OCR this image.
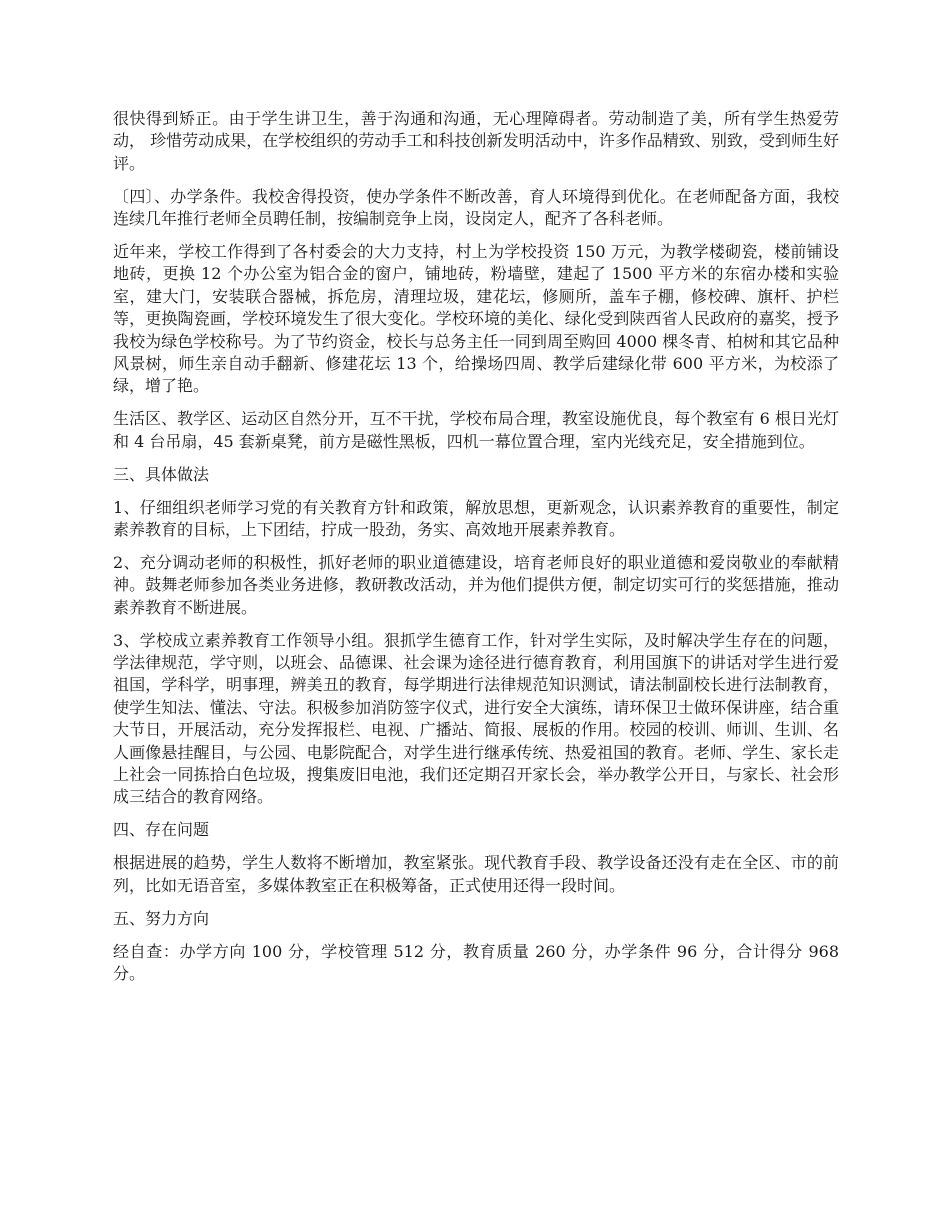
很快得到矫正。由于学生讲卫生，善于沟通和沟通，无心理障碍者。劳动制造了美，所有学生热爱劳动， 珍惜劳动成果，在学校组织的劳动手工和科技创新发明活动中，许多作品精致、别致，受到师生好评。

〔四〕、办学条件。我校舍得投资，使办学条件不断改善，育人环境得到优化。在老师配备方面，我校连续几年推行老师全员聘任制，按编制竞争上岗，设岗定人，配齐了各科老师。

近年来，学校工作得到了各村委会的大力支持，村上为学校投资 150 万元，为教学楼砌瓷，楼前铺设地砖，更换 12 个办公室为铝合金的窗户，铺地砖，粉墙壁，建起了 1500 平方米的东宿办楼和实验室，建大门，安装联合器械，拆危房，清理垃圾，建花坛，修厕所，盖车子棚，修校碑、旗杆、护栏等，更换陶瓷画，学校环境发生了很大变化。学校环境的美化、绿化受到陕西省人民政府的嘉奖，授予我校为绿色学校称号。为了节约资金，校长与总务主任一同到周至购回 4000 棵冬青、柏树和其它品种风景树，师生亲自动手翻新、修建花坛 13 个，给操场四周、教学后建绿化带 600 平方米，为校添了绿，增了艳。

生活区、教学区、运动区自然分开，互不干扰，学校布局合理，教室设施优良，每个教室有 6 根日光灯和 4 台吊扇，45 套新桌凳，前方是磁性黑板，四机一幕位置合理，室内光线充足，安全措施到位。

三、具体做法

1、仔细组织老师学习党的有关教育方针和政策，解放思想，更新观念，认识素养教育的重要性，制定素养教育的目标，上下团结，拧成一股劲，务实、高效地开展素养教育。

2、充分调动老师的积极性，抓好老师的职业道德建设，培育老师良好的职业道德和爱岗敬业的奉献精神。鼓舞老师参加各类业务进修，教研教改活动，并为他们提供方便，制定切实可行的奖惩措施，推动素养教育不断进展。

3、学校成立素养教育工作领导小组。狠抓学生德育工作，针对学生实际，及时解决学生存在的问题，学法律规范，学守则，以班会、品德课、社会课为途径进行德育教育，利用国旗下的讲话对学生进行爱祖国，学科学，明事理，辨美丑的教育，每学期进行法律规范知识测试，请法制副校长进行法制教育，使学生知法、懂法、守法。积极参加消防签字仪式，进行安全大演练，请环保卫士做环保讲座，结合重大节日，开展活动，充分发挥报栏、电视、广播站、简报、展板的作用。校园的校训、师训、生训、名人画像悬挂醒目，与公园、电影院配合，对学生进行继承传统、热爱祖国的教育。老师、学生、家长走上社会一同拣拾白色垃圾，搜集废旧电池，我们还定期召开家长会，举办教学公开日，与家长、社会形成三结合的教育网络。

四、存在问题

根据进展的趋势，学生人数将不断增加，教室紧张。现代教育手段、教学设备还没有走在全区、市的前列，比如无语音室，多媒体教室正在积极筹备，正式使用还得一段时间。

五、努力方向

经自查：办学方向 100 分，学校管理 512 分，教育质量 260 分，办学条件 96 分，合计得分 968 分。
